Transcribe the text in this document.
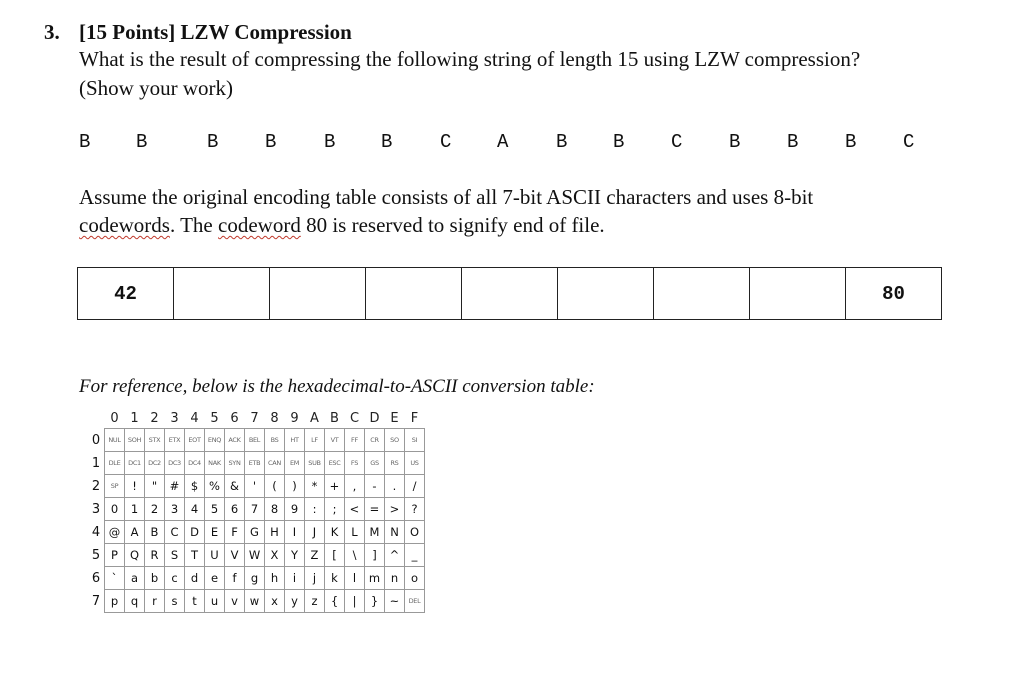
3. [15 Points] LZW Compression
What is the result of compressing the following string of length 15 using LZW compression?
(Show your work)
B B	B B	B B	C A	B B C B B B C
Assume the original encoding table consists of all 7-bit ASCII characters and uses 8-bit
codewords. The codeword 80 is reserved to signify end of file.
42								80
For reference, below is the hexadecimal-to-ASCII conversion table:
	0	1	2	3	4	5	6	7	8	9	A	B	C	D	E	F
0	NUL	SOH	STX	ETX	EOT	ENQ	ACK	BEL	BS	HT	LF	VT	FF	CR	SO	SI
1	DLE	DC1	DC2	DC3	DC4	NAK	SYN	ETB	CAN	EM	SUB	ESC	FS	GS	RS	US
2	SP	!	"	#	$	%	&	'	(	)	*	+	,	-	.	/
3	0	1	2	3	4	5	6	7	8	9	:	;	<	=	>	?
4	@	A	B	C	D	E	F	G	H	I	J	K	L	M	N	O
5	P	Q	R	S	T	U	V	W	X	Y	Z	[	\	]	^	_
6	`	a	b	c	d	e	f	g	h	i	j	k	l	m	n	o
7	p	q	r	s	t	u	v	w	x	y	z	{	|	}	~	DEL
